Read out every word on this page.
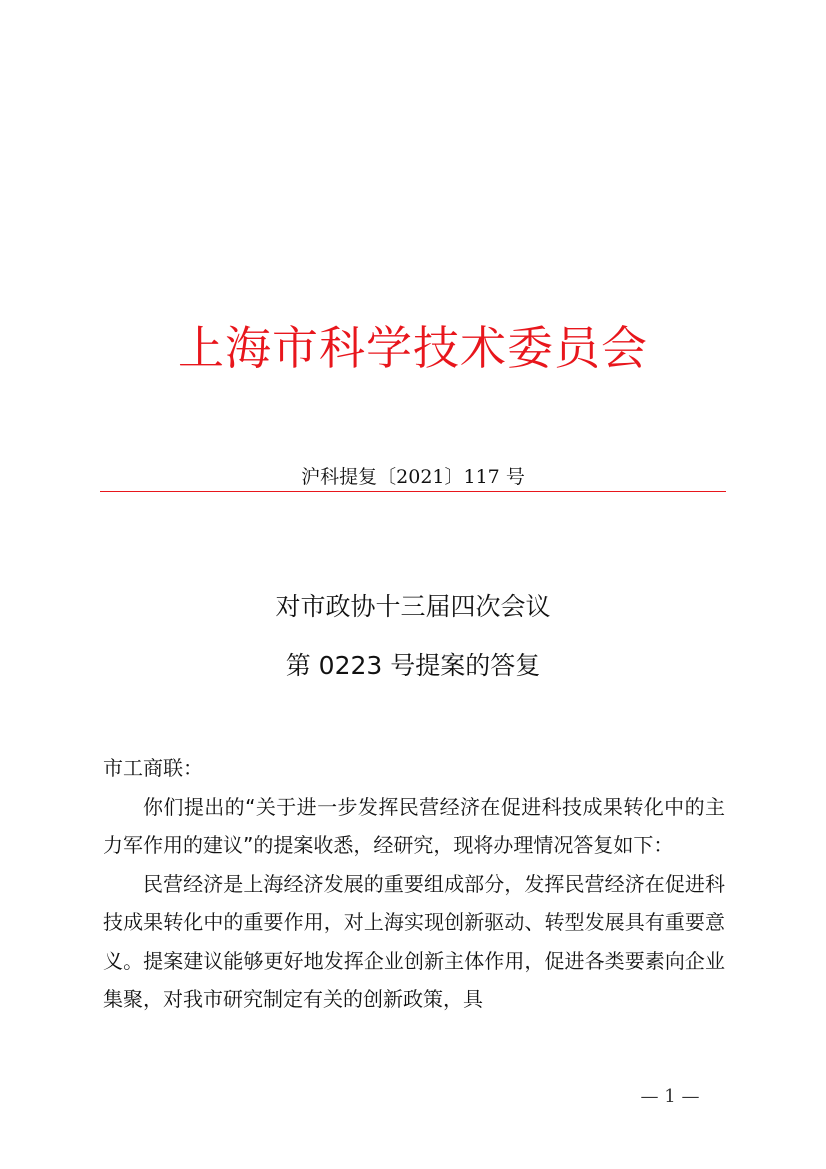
上海市科学技术委员会
沪科提复〔2021〕117 号
对市政协十三届四次会议
第 0223 号提案的答复

市工商联：

你们提出的“关于进一步发挥民营经济在促进科技成果转化中的主力军作用的建议”的提案收悉，经研究，现将办理情况答复如下：

民营经济是上海经济发展的重要组成部分，发挥民营经济在促进科技成果转化中的重要作用，对上海实现创新驱动、转型发展具有重要意义。提案建议能够更好地发挥企业创新主体作用，促进各类要素向企业集聚，对我市研究制定有关的创新政策，具

— 1 —
